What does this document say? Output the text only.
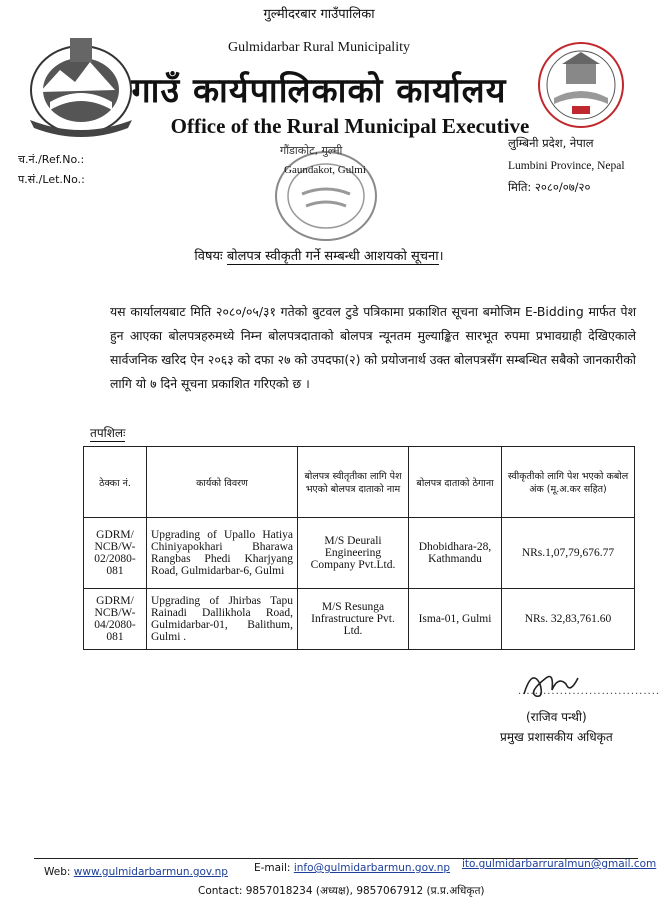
गुल्मीदरबार गाउँपालिका
Gulmidarbar Rural Municipality
गाउँ कार्यपालिकाको कार्यालय
Office of the Rural Municipal Executive
च.नं./Ref.No.:
प.सं./Let.No.:
गौंडाकोट, गुल्मी
Gaundakot, Gulmi
लुम्बिनी प्रदेश, नेपाल
Lumbini Province, Nepal
मिति: २०८०/०७/२०
विषयः बोलपत्र स्वीकृती गर्ने सम्बन्धी आशयको सूचना।
यस कार्यालयबाट मिति २०८०/०५/३१ गतेको बुटवल टुडे पत्रिकामा प्रकाशित सूचना बमोजिम E-Bidding मार्फत पेश हुन आएका बोलपत्रहरुमध्ये निम्न बोलपत्रदाताको बोलपत्र न्यूनतम मुल्याङ्कित सारभूत रुपमा प्रभावग्राही देखिएकाले सार्वजनिक खरिद ऐन २०६३ को दफा २७ को उपदफा(२) को प्रयोजनार्थ उक्त बोलपत्रसँग सम्बन्धित सबैको जानकारीको लागि यो ७ दिने सूचना प्रकाशित गरिएको छ ।
तपशिलः
ठेक्का नं.	कार्यको विवरण	बोलपत्र स्वीतृतीका लागि पेश भएको बोलपत्र दाताको नाम	बोलपत्र दाताको ठेगाना	स्वीकृतीको लागि पेश भएको कबोल अंक (मू.अ.कर सहित)
GDRM/ NCB/W-02/2080-081	Upgrading of Upallo Hatiya Chiniyapokhari Bharawa Rangbas Phedi Kharjyang Road, Gulmidarbar-6, Gulmi	M/S Deurali Engineering Company Pvt.Ltd.	Dhobidhara-28, Kathmandu	NRs.1,07,79,676.77
GDRM/ NCB/W-04/2080-081	Upgrading of Jhirbas Tapu Rainadi Dallikhola Road, Gulmidarbar-01, Balithum, Gulmi .	M/S Resunga Infrastructure Pvt. Ltd.	Isma-01, Gulmi	NRs. 32,83,761.60
..................................
(राजिव पन्थी)
प्रमुख प्रशासकीय अधिकृत
Web: www.gulmidarbarmun.gov.np E-mail: info@gulmidarbarmun.gov.np ito.gulmidarbarruralmun@gmail.com
Contact: 9857018234 (अध्यक्ष), 9857067912 (प्र.प्र.अधिकृत)
